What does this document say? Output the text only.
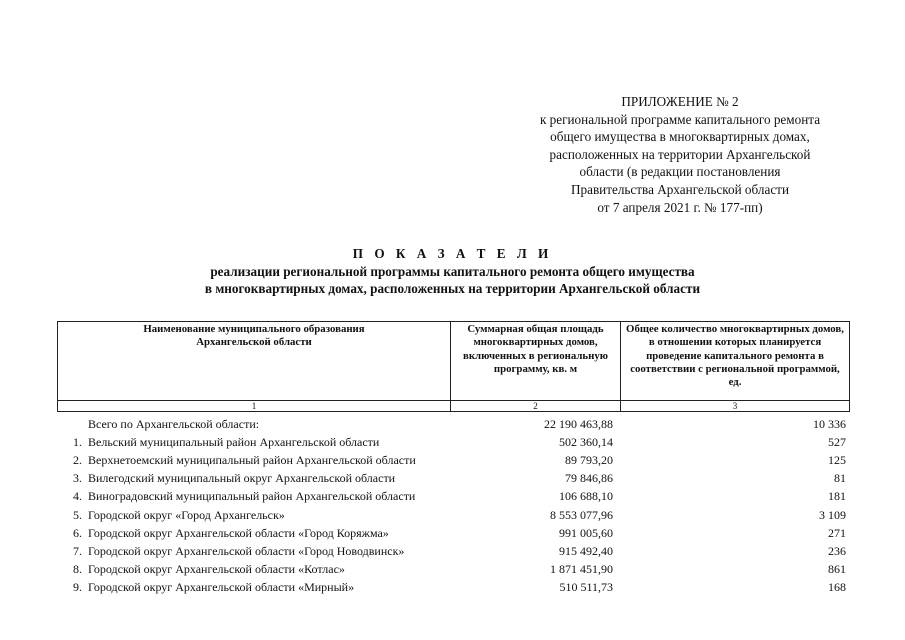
ПРИЛОЖЕНИЕ № 2
к региональной программе капитального ремонта
общего имущества в многоквартирных домах,
расположенных на территории Архангельской
области (в редакции постановления
Правительства Архангельской области
от 7 апреля 2021 г. № 177-пп)
П О К А З А Т Е Л И
реализации региональной программы капитального ремонта общего имущества
в многоквартирных домах, расположенных на территории Архангельской области
Наименование муниципального образования Архангельской области	Суммарная общая площадь многоквартирных домов, включенных в региональную программу, кв. м	Общее количество многоквартирных домов, в отношении которых планируется проведение капитального ремонта в соответствии с региональной программой, ед.
1	2	3
Всего по Архангельской области:		22 190 463,88	10 336
1.	Вельский муниципальный район Архангельской области	502 360,14	527
2.	Верхнетоемский муниципальный район Архангельской области	89 793,20	125
3.	Вилегодский муниципальный округ Архангельской области	79 846,86	81
4.	Виноградовский муниципальный район Архангельской области	106 688,10	181
5.	Городской округ «Город Архангельск»	8 553 077,96	3 109
6.	Городской округ Архангельской области «Город Коряжма»	991 005,60	271
7.	Городской округ Архангельской области «Город Новодвинск»	915 492,40	236
8.	Городской округ Архангельской области «Котлас»	1 871 451,90	861
9.	Городской округ Архангельской области «Мирный»	510 511,73	168
